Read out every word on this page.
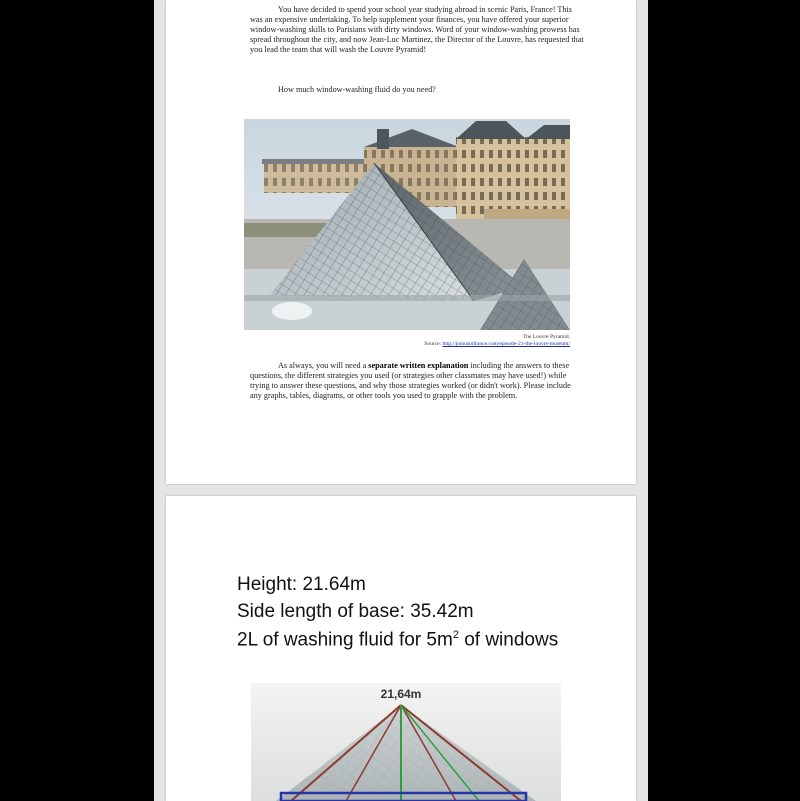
You have decided to spend your school year studying abroad in scenic Paris, France! This was an expensive undertaking. To help supplement your finances, you have offered your superior window-washing skills to Parisians with dirty windows. Word of your window-washing prowess has spread throughout the city, and now Jean-Luc Martinez, the Director of the Louvre, has requested that you lead the team that will wash the Louvre Pyramid!

How much window-washing fluid do you need?

The Louvre Pyramid.
Source: http://joinusinfrance.com/episode-21-the-louvre-museum/

As always, you will need a separate written explanation including the answers to these questions, the different strategies you used (or strategies other classmates may have used!) while trying to answer these questions, and why those strategies worked (or didn't work). Please include any graphs, tables, diagrams, or other tools you used to grapple with the problem.

Height: 21.64m
Side length of base: 35.42m
2L of washing fluid for $5m^2$ of windows
21,64m
